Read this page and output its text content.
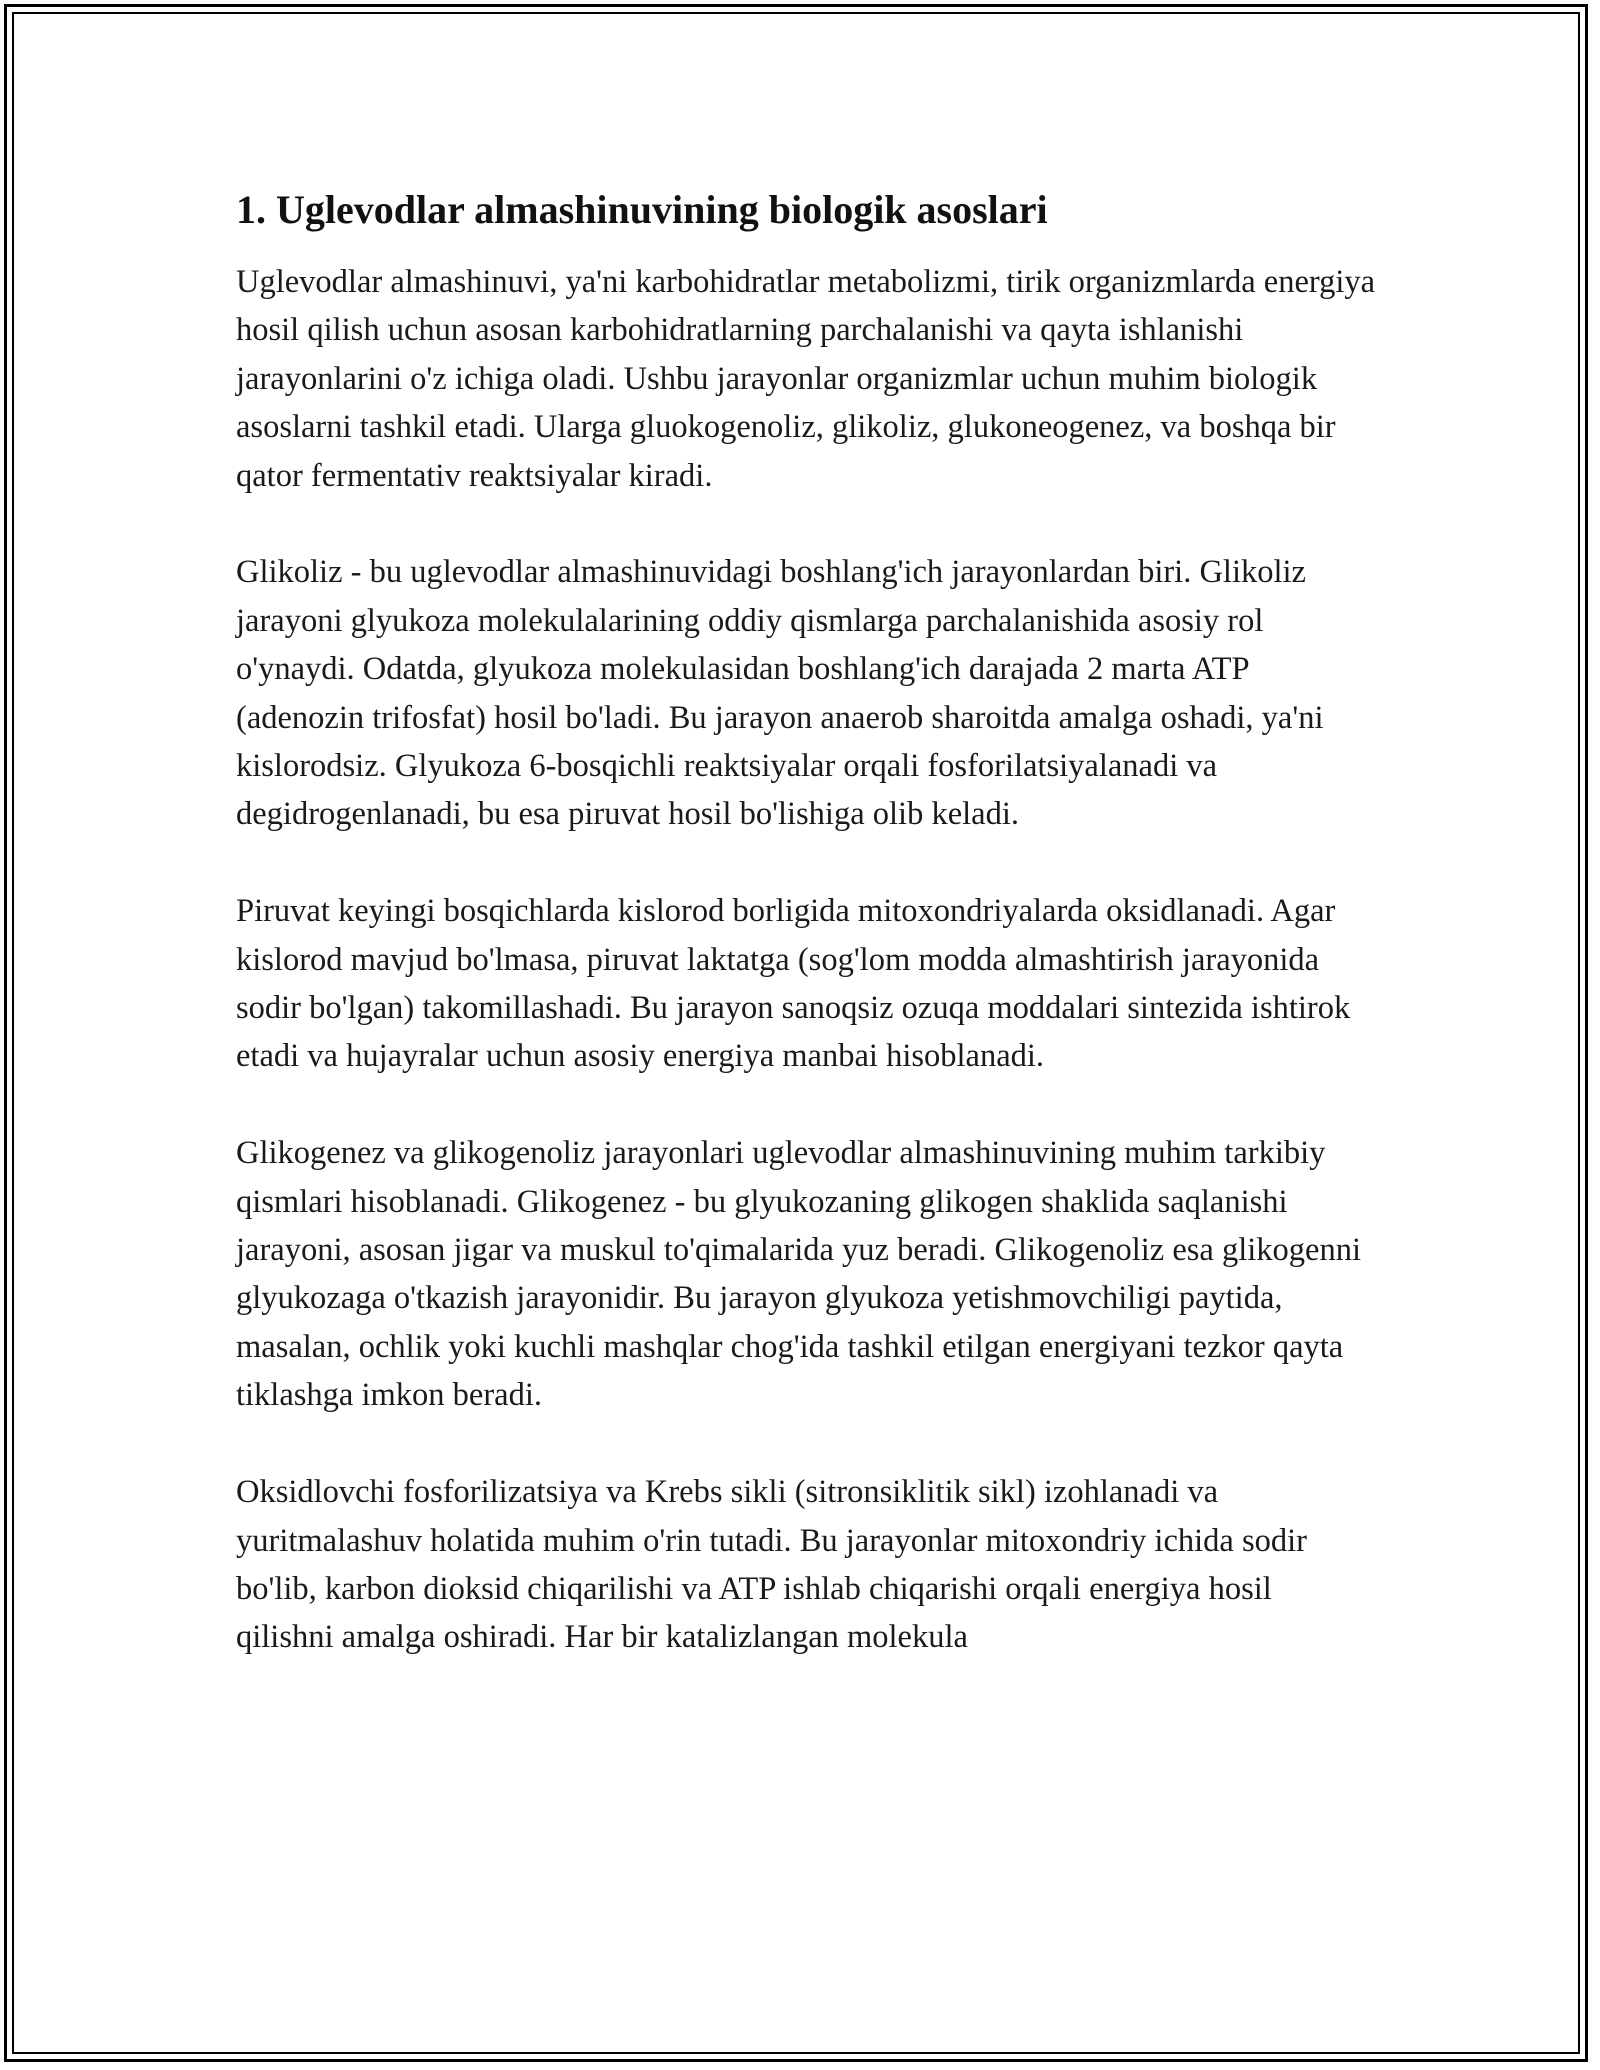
1. Uglevodlar almashinuvining biologik asoslari

Uglevodlar almashinuvi, ya'ni karbohidratlar metabolizmi, tirik organizmlarda energiya hosil qilish uchun asosan karbohidratlarning parchalanishi va qayta ishlanishi jarayonlarini o'z ichiga oladi. Ushbu jarayonlar organizmlar uchun muhim biologik asoslarni tashkil etadi. Ularga gluokogenoliz, glikoliz, glukoneogenez, va boshqa bir qator fermentativ reaktsiyalar kiradi.

Glikoliz - bu uglevodlar almashinuvidagi boshlang'ich jarayonlardan biri. Glikoliz jarayoni glyukoza molekulalarining oddiy qismlarga parchalanishida asosiy rol o'ynaydi. Odatda, glyukoza molekulasidan boshlang'ich darajada 2 marta ATP (adenozin trifosfat) hosil bo'ladi. Bu jarayon anaerob sharoitda amalga oshadi, ya'ni kislorodsiz. Glyukoza 6-bosqichli reaktsiyalar orqali fosforilatsiyalanadi va degidrogenlanadi, bu esa piruvat hosil bo'lishiga olib keladi.

Piruvat keyingi bosqichlarda kislorod borligida mitoxondriyalarda oksidlanadi. Agar kislorod mavjud bo'lmasa, piruvat laktatga (sog'lom modda almashtirish jarayonida sodir bo'lgan) takomillashadi. Bu jarayon sanoqsiz ozuqa moddalari sintezida ishtirok etadi va hujayralar uchun asosiy energiya manbai hisoblanadi.

Glikogenez va glikogenoliz jarayonlari uglevodlar almashinuvining muhim tarkibiy qismlari hisoblanadi. Glikogenez - bu glyukozaning glikogen shaklida saqlanishi jarayoni, asosan jigar va muskul to'qimalarida yuz beradi. Glikogenoliz esa glikogenni glyukozaga o'tkazish jarayonidir. Bu jarayon glyukoza yetishmovchiligi paytida, masalan, ochlik yoki kuchli mashqlar chog'ida tashkil etilgan energiyani tezkor qayta tiklashga imkon beradi.

Oksidlovchi fosforilizatsiya va Krebs sikli (sitronsiklitik sikl) izohlanadi va yuritmalashuv holatida muhim o'rin tutadi. Bu jarayonlar mitoxondriy ichida sodir bo'lib, karbon dioksid chiqarilishi va ATP ishlab chiqarishi orqali energiya hosil qilishni amalga oshiradi. Har bir katalizlangan molekula
